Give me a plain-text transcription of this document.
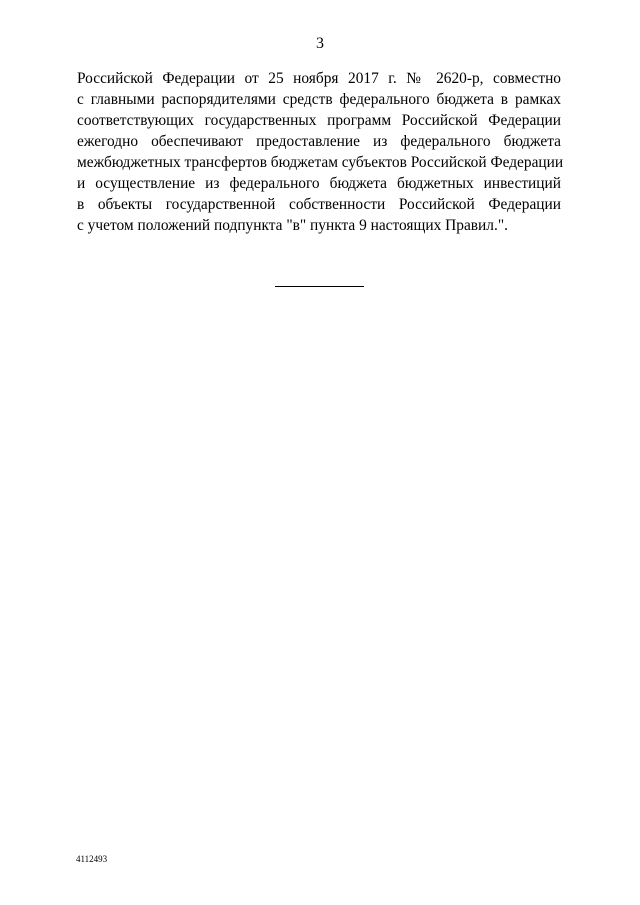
3
Российской Федерации от 25 ноября 2017 г. № 2620-р, совместно
с главными распорядителями средств федерального бюджета в рамках
соответствующих государственных программ Российской Федерации
ежегодно обеспечивают предоставление из федерального бюджета
межбюджетных трансфертов бюджетам субъектов Российской Федерации
и осуществление из федерального бюджета бюджетных инвестиций
в объекты государственной собственности Российской Федерации
с учетом положений подпункта "в" пункта 9 настоящих Правил.".
4112493
